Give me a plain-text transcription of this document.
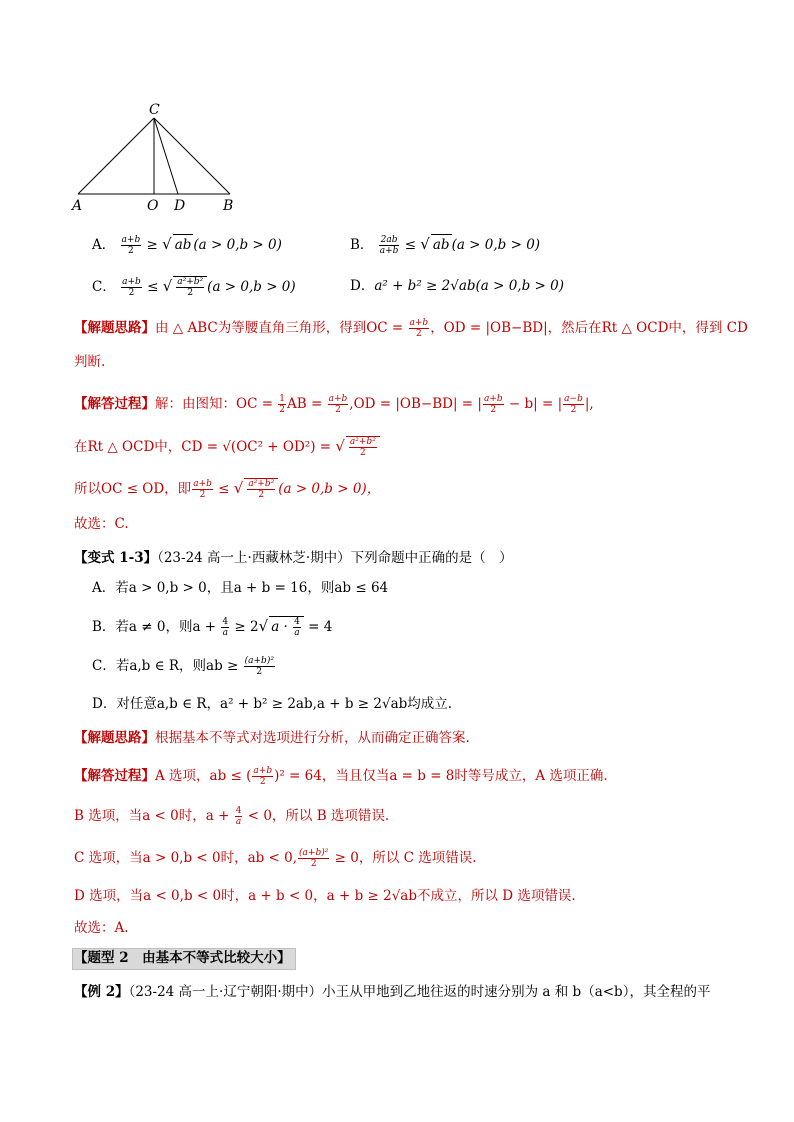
C
A	O D	B
A． $\frac{a+b}{2}$ ≥ √ ab (a > 0,b > 0)	B． $\frac{2ab}{a+b}$ ≤ √ ab (a > 0,b > 0)
C． $\frac{a+b}{2}$ ≤ √ $\frac{\text{a²+b²}}{2} (a > 0,b > 0)$	D．a² + b² ≥ 2√ab(a > 0,b > 0)
【解题思路】由 △ ABC为等腰直角三角形，得到OC = $\frac{a+b}{2}$ ，OD = |OB−BD|，然后在Rt △ OCD中，得到 CD
判断.
【解答过程】解：由图知：OC = $\frac{1}{2}$ AB = $\frac{a+b}{2} ,OD = |OB-BD|$ = | $\frac{a+b}{2} - b|$ = | $\frac{a-b}{2}$ |,
在Rt △ OCD中，CD = √(OC² + OD²) = √ $\frac{\text{a²+b²}}{2}$
所以OC ≤ OD，即 $\frac{a+b}{2}$ ≤ √ $\frac{\text{a²+b²}}{2} (a > 0,b > 0)$，
故选：C.
【变式 1-3】（23-24 高一上·西藏林芝·期中）下列命题中正确的是（　）
A．若a > 0,b > 0，且a + b = 16，则ab ≤ 64
B．若a ≠ 0，则$a + \frac{4}{a} \ge 2√$ $a \cdot \frac{4}{a} = 4$
C．若a,b ∈ R，则ab ≥ $\frac{\text{(a+b)²}}{2}$
D．对任意a,b ∈ R，a² + b² ≥ 2ab,a + b ≥ 2√ab均成立.
【解题思路】根据基本不等式对选项进行分析，从而确定正确答案.
【解答过程】A 选项，ab ≤ ( $\frac{a+b}{2} )^2 = 64$，当且仅当a = b = 8时等号成立，A 选项正确.
B 选项，当a < 0时，$a + \frac{4}{a} < 0$，所以 B 选项错误.
C 选项，当a > 0,b < 0时，ab < 0, $\frac{\text{(a+b)²}}{2} \ge 0$，所以 C 选项错误.
D 选项，当a < 0,b < 0时，a + b < 0，a + b ≥ 2√ab不成立，所以 D 选项错误.
故选：A.
【题型 2　由基本不等式比较大小】
【例 2】（23-24 高一上·辽宁朝阳·期中）小王从甲地到乙地往返的时速分别为 a 和 b（a<b），其全程的平
